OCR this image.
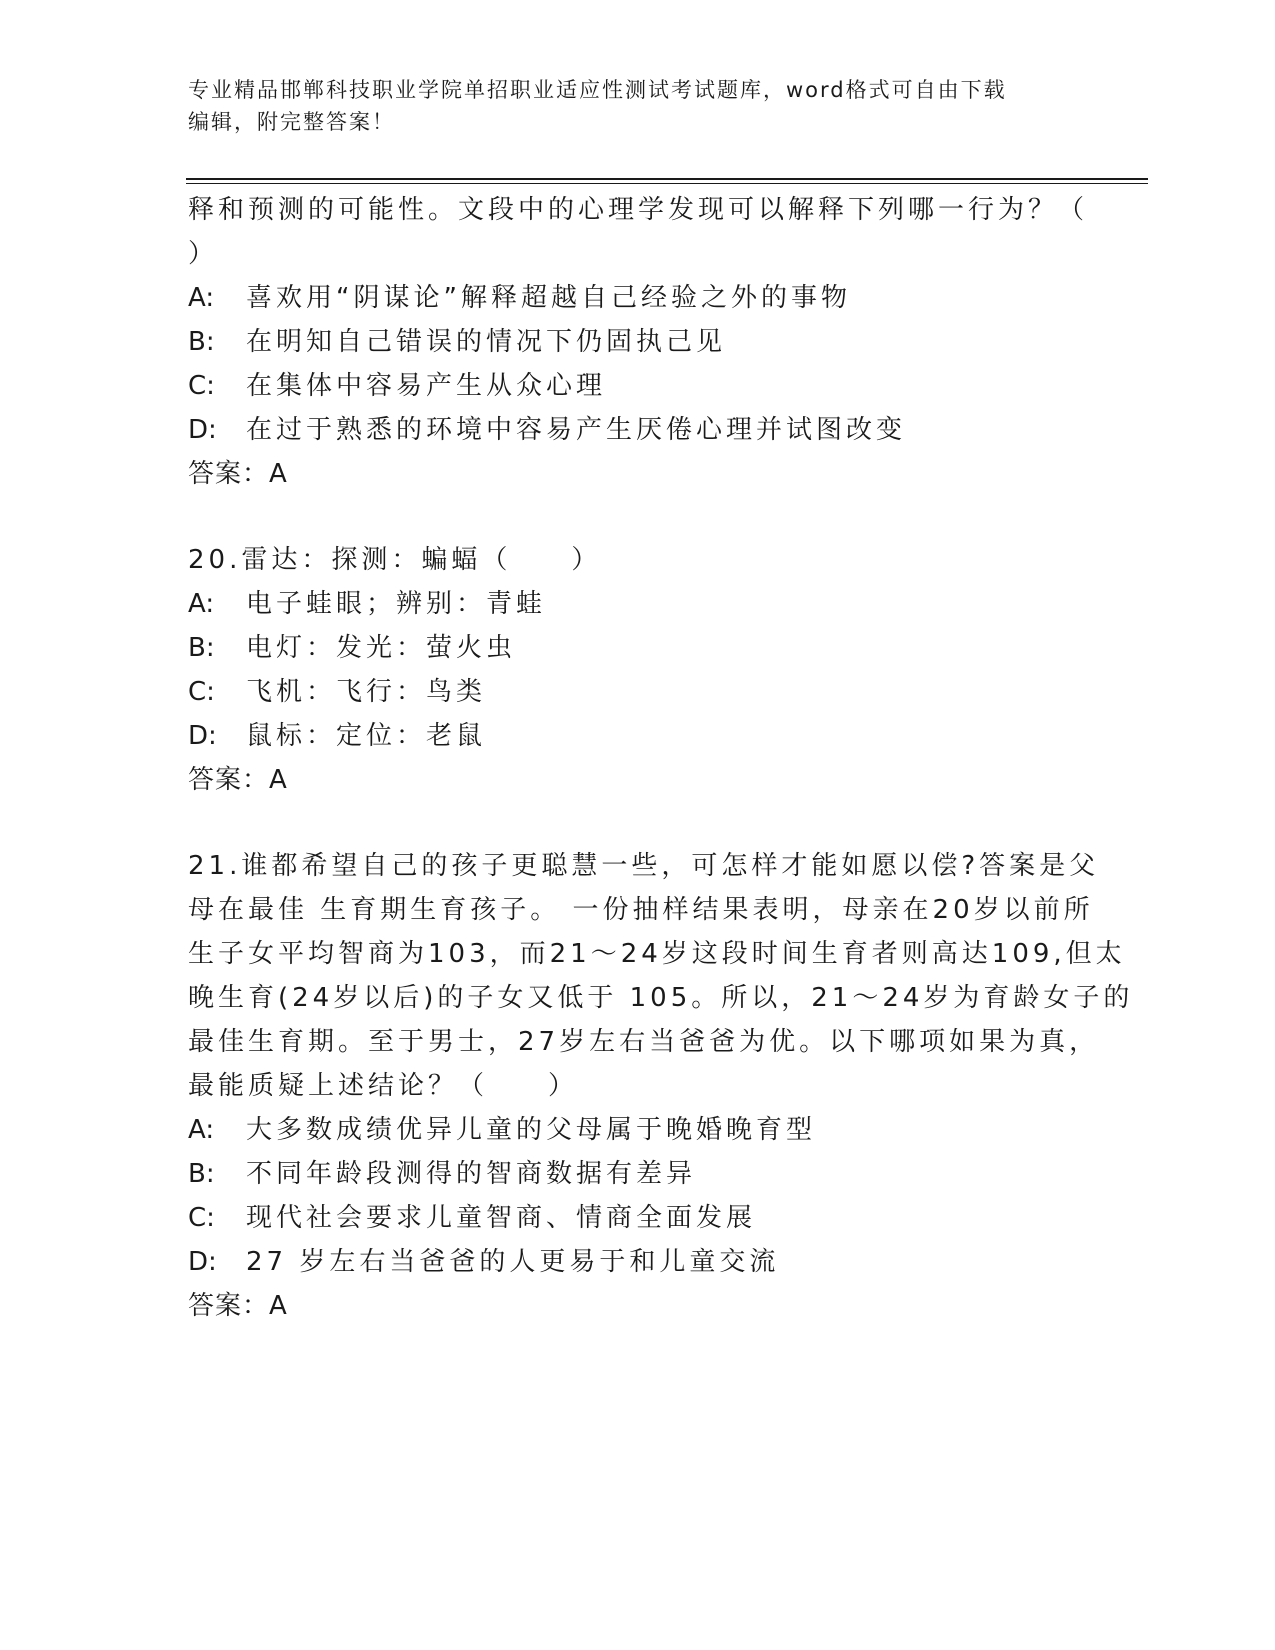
专业精品邯郸科技职业学院单招职业适应性测试考试题库，word格式可自由下载
编辑，附完整答案！
释和预测的可能性。文段中的心理学发现可以解释下列哪一行为？（
）
A: 喜欢用“阴谋论”解释超越自己经验之外的事物
B: 在明知自己错误的情况下仍固执己见
C: 在集体中容易产生从众心理
D: 在过于熟悉的环境中容易产生厌倦心理并试图改变
答案：A
20.雷达：探测：蝙蝠（　　）
A: 电子蛙眼；辨别：青蛙
B: 电灯：发光：萤火虫
C: 飞机：飞行：鸟类
D: 鼠标：定位：老鼠
答案：A
21.谁都希望自己的孩子更聪慧一些，可怎样才能如愿以偿?答案是父
母在最佳 生育期生育孩子。 一份抽样结果表明，母亲在20岁以前所
生子女平均智商为103，而21～24岁这段时间生育者则高达109,但太
晚生育(24岁以后)的子女又低于 105。所以，21～24岁为育龄女子的
最佳生育期。至于男士，27岁左右当爸爸为优。以下哪项如果为真，
最能质疑上述结论？（　　）
A: 大多数成绩优异儿童的父母属于晚婚晚育型
B: 不同年龄段测得的智商数据有差异
C: 现代社会要求儿童智商、情商全面发展
D: 27 岁左右当爸爸的人更易于和儿童交流
答案：A
